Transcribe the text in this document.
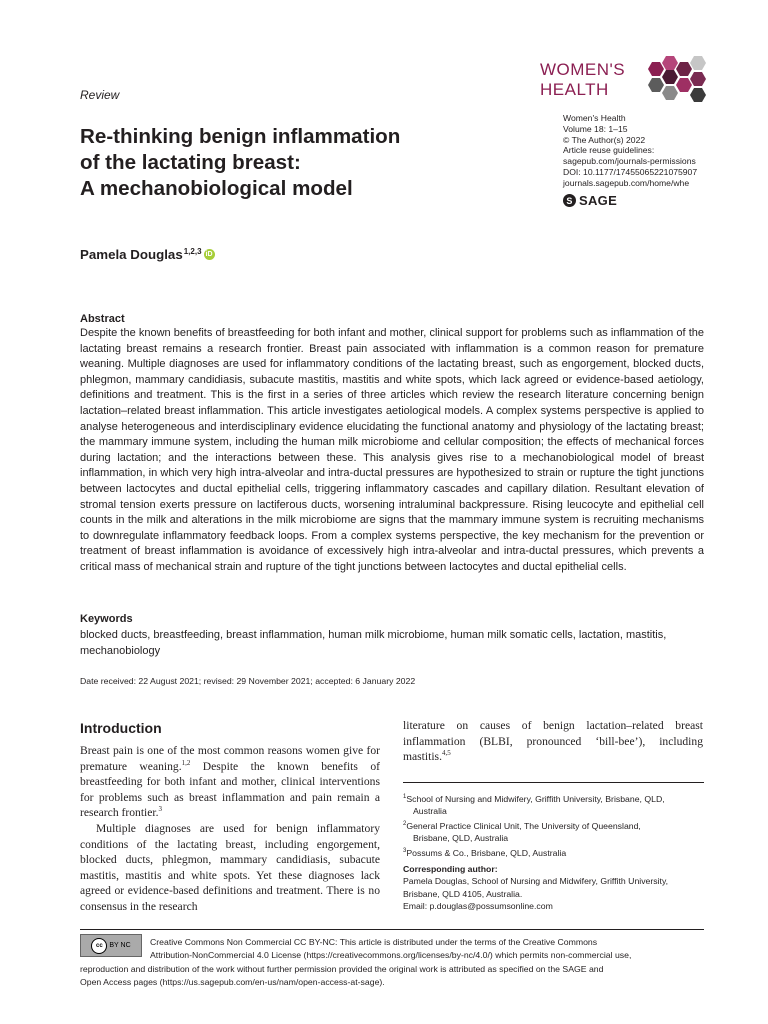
Review
WOMEN'S
HEALTH
Women's Health
Volume 18: 1–15
© The Author(s) 2022
Article reuse guidelines:
sagepub.com/journals-permissions
DOI: 10.1177/17455065221075907
journals.sagepub.com/home/whe
S SAGE
Re-thinking benign inflammation
of the lactating breast:
A mechanobiological model
Pamela Douglas$^{1,2,3}$ iD
Abstract
Despite the known benefits of breastfeeding for both infant and mother, clinical support for problems such as inflammation of the lactating breast remains a research frontier. Breast pain associated with inflammation is a common reason for premature weaning. Multiple diagnoses are used for inflammatory conditions of the lactating breast, such as engorgement, blocked ducts, phlegmon, mammary candidiasis, subacute mastitis, mastitis and white spots, which lack agreed or evidence-based aetiology, definitions and treatment. This is the first in a series of three articles which review the research literature concerning benign lactation–related breast inflammation. This article investigates aetiological models. A complex systems perspective is applied to analyse heterogeneous and interdisciplinary evidence elucidating the functional anatomy and physiology of the lactating breast; the mammary immune system, including the human milk microbiome and cellular composition; the effects of mechanical forces during lactation; and the interactions between these. This analysis gives rise to a mechanobiological model of breast inflammation, in which very high intra-alveolar and intra-ductal pressures are hypothesized to strain or rupture the tight junctions between lactocytes and ductal epithelial cells, triggering inflammatory cascades and capillary dilation. Resultant elevation of stromal tension exerts pressure on lactiferous ducts, worsening intraluminal backpressure. Rising leucocyte and epithelial cell counts in the milk and alterations in the milk microbiome are signs that the mammary immune system is recruiting mechanisms to downregulate inflammatory feedback loops. From a complex systems perspective, the key mechanism for the prevention or treatment of breast inflammation is avoidance of excessively high intra-alveolar and intra-ductal pressures, which prevents a critical mass of mechanical strain and rupture of the tight junctions between lactocytes and ductal epithelial cells.
Keywords
blocked ducts, breastfeeding, breast inflammation, human milk microbiome, human milk somatic cells, lactation, mastitis, mechanobiology
Date received: 22 August 2021; revised: 29 November 2021; accepted: 6 January 2022
Introduction

Breast pain is one of the most common reasons women give for premature weaning.$^{1,2}$ Despite the known benefits of breastfeeding for both infant and mother, clinical interventions for problems such as breast inflammation and pain remain a research frontier.$^3$

Multiple diagnoses are used for benign inflammatory conditions of the lactating breast, including engorgement, blocked ducts, phlegmon, mammary candidiasis, subacute mastitis, mastitis and white spots. Yet these diagnoses lack agreed or evidence-based definitions and treatment. There is no consensus in the research

literature on causes of benign lactation–related breast inflammation (BLBI, pronounced ‘bill-bee’), including mastitis.$^{4,5}$
$^1$School of Nursing and Midwifery, Griffith University, Brisbane, QLD,
Australia
$^2$General Practice Clinical Unit, The University of Queensland,
Brisbane, QLD, Australia
$^3$Possums & Co., Brisbane, QLD, Australia
Corresponding author:
Pamela Douglas, School of Nursing and Midwifery, Griffith University,
Brisbane, QLD 4105, Australia.
Email: p.douglas@possumsonline.com
cc BY NC	Creative Commons Non Commercial CC BY-NC: This article is distributed under the terms of the Creative Commons
Attribution-NonCommercial 4.0 License (https://creativecommons.org/licenses/by-nc/4.0/) which permits non-commercial use,
reproduction and distribution of the work without further permission provided the original work is attributed as specified on the SAGE and
Open Access pages (https://us.sagepub.com/en-us/nam/open-access-at-sage).
